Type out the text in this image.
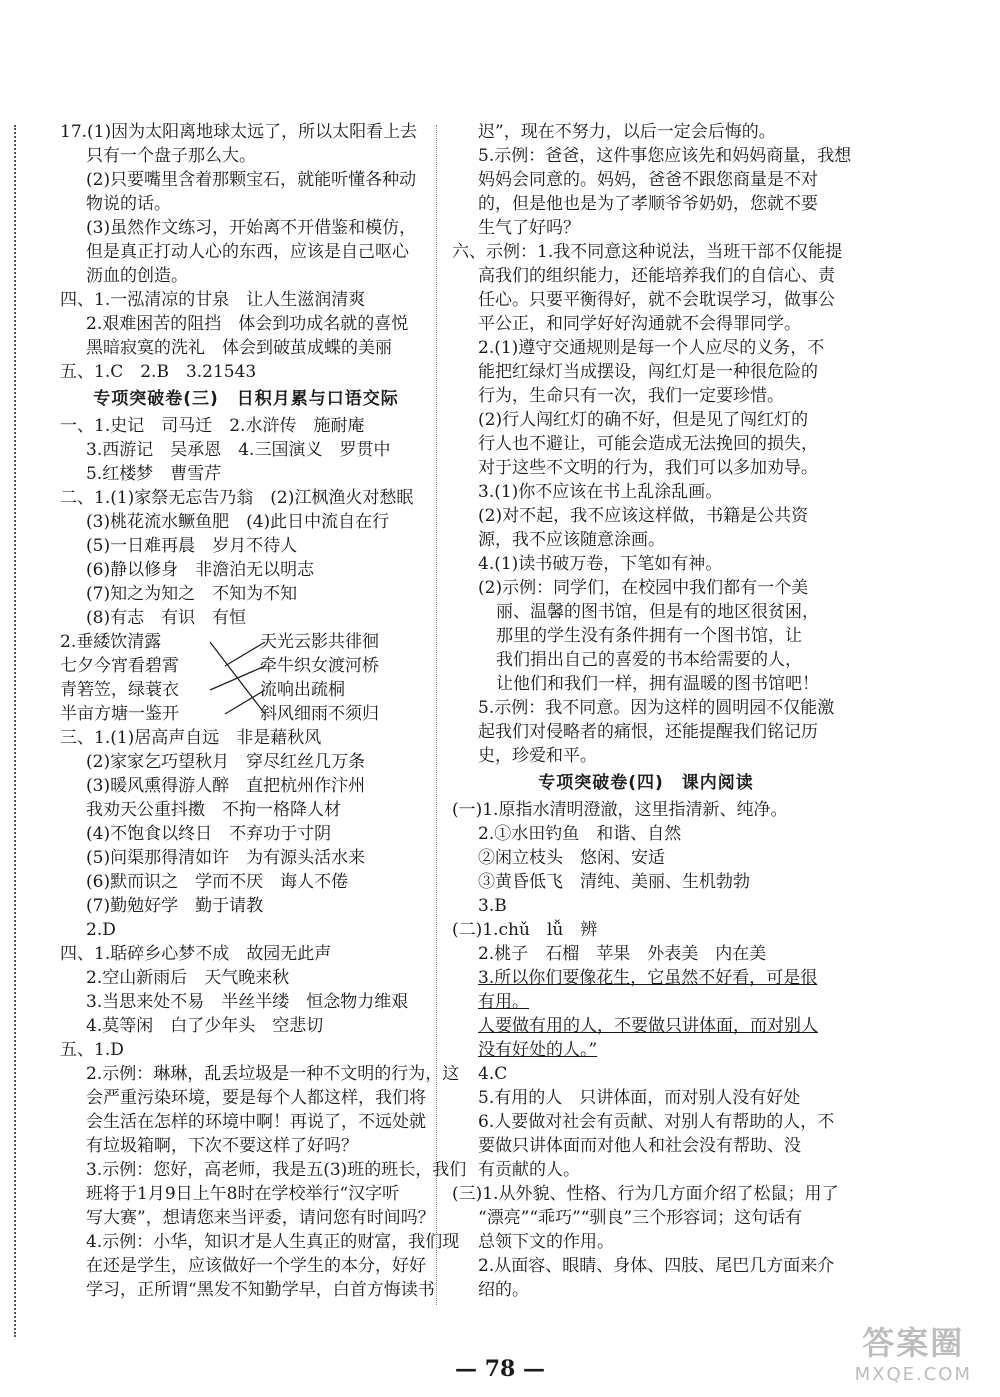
17.(1)因为太阳离地球太远了，所以太阳看上去
只有一个盘子那么大。
(2)只要嘴里含着那颗宝石，就能听懂各种动
物说的话。
(3)虽然作文练习，开始离不开借鉴和模仿，
但是真正打动人心的东西，应该是自己呕心
沥血的创造。
四、1.一泓清凉的甘泉　让人生滋润清爽
2.艰难困苦的阻挡　体会到功成名就的喜悦
黑暗寂寞的洗礼　体会到破茧成蝶的美丽
五、1.C　2.B　3.21543
专项突破卷(三)　日积月累与口语交际
一、1.史记　司马迁　2.水浒传　施耐庵
3.西游记　吴承恩　4.三国演义　罗贯中
5.红楼梦　曹雪芹
二、1.(1)家祭无忘告乃翁　(2)江枫渔火对愁眠
(3)桃花流水鳜鱼肥　(4)此日中流自在行
(5)一日难再晨　岁月不待人
(6)静以修身　非澹泊无以明志
(7)知之为知之　不知为不知
(8)有志　有识　有恒
2.垂緌饮清露
七夕今宵看碧霄
青箬笠，绿蓑衣
半亩方塘一鉴开
天光云影共徘徊
牵牛织女渡河桥
流响出疏桐
斜风细雨不须归
三、1.(1)居高声自远　非是藉秋风
(2)家家乞巧望秋月　穿尽红丝几万条
(3)暖风熏得游人醉　直把杭州作汴州
我劝天公重抖擞　不拘一格降人材
(4)不饱食以终日　不弃功于寸阴
(5)问渠那得清如许　为有源头活水来
(6)默而识之　学而不厌　诲人不倦
(7)勤勉好学　勤于请教
2.D
四、1.聒碎乡心梦不成　故园无此声
2.空山新雨后　天气晚来秋
3.当思来处不易　半丝半缕　恒念物力维艰
4.莫等闲　白了少年头　空悲切
五、1.D
2.示例：琳琳，乱丢垃圾是一种不文明的行为，这
会严重污染环境，要是每个人都这样，我们将
会生活在怎样的环境中啊！再说了，不远处就
有垃圾箱啊，下次不要这样了好吗？
3.示例：您好，高老师，我是五(3)班的班长，我们
班将于1月9日上午8时在学校举行“汉字听
写大赛”，想请您来当评委，请问您有时间吗？
4.示例：小华，知识才是人生真正的财富，我们现
在还是学生，应该做好一个学生的本分，好好
学习，正所谓“黑发不知勤学早，白首方悔读书
迟”，现在不努力，以后一定会后悔的。
5.示例：爸爸，这件事您应该先和妈妈商量，我想
妈妈会同意的。妈妈，爸爸不跟您商量是不对
的，但是他也是为了孝顺爷爷奶奶，您就不要
生气了好吗？
六、示例：1.我不同意这种说法，当班干部不仅能提
高我们的组织能力，还能培养我们的自信心、责
任心。只要平衡得好，就不会耽误学习，做事公
平公正，和同学好好沟通就不会得罪同学。
2.(1)遵守交通规则是每一个人应尽的义务，不
能把红绿灯当成摆设，闯红灯是一种很危险的
行为，生命只有一次，我们一定要珍惜。
(2)行人闯红灯的确不好，但是见了闯红灯的
行人也不避让，可能会造成无法挽回的损失，
对于这些不文明的行为，我们可以多加劝导。
3.(1)你不应该在书上乱涂乱画。
(2)对不起，我不应该这样做，书籍是公共资
源，我不应该随意涂画。
4.(1)读书破万卷，下笔如有神。
(2)示例：同学们，在校园中我们都有一个美
丽、温馨的图书馆，但是有的地区很贫困，
那里的学生没有条件拥有一个图书馆，让
我们捐出自己的喜爱的书本给需要的人，
让他们和我们一样，拥有温暖的图书馆吧！
5.示例：我不同意。因为这样的圆明园不仅能激
起我们对侵略者的痛恨，还能提醒我们铭记历
史，珍爱和平。
专项突破卷(四)　课内阅读
(一)1.原指水清明澄澈，这里指清新、纯净。
2.①水田钓鱼　和谐、自然
②闲立枝头　悠闲、安适
③黄昏低飞　清纯、美丽、生机勃勃
3.B
(二)1.chǔ　lǚ　辨
2.桃子　石榴　苹果　外表美　内在美
3.所以你们要像花生，它虽然不好看，可是很
有用。
人要做有用的人，不要做只讲体面，而对别人
没有好处的人。”
4.C
5.有用的人　只讲体面，而对别人没有好处
6.人要做对社会有贡献、对别人有帮助的人，不
要做只讲体面而对他人和社会没有帮助、没
有贡献的人。
(三)1.从外貌、性格、行为几方面介绍了松鼠；用了
“漂亮”“乖巧”“驯良”三个形容词；这句话有
总领下文的作用。
2.从面容、眼睛、身体、四肢、尾巴几方面来介
绍的。
— 78 —
答案圈
MXQE.COM
